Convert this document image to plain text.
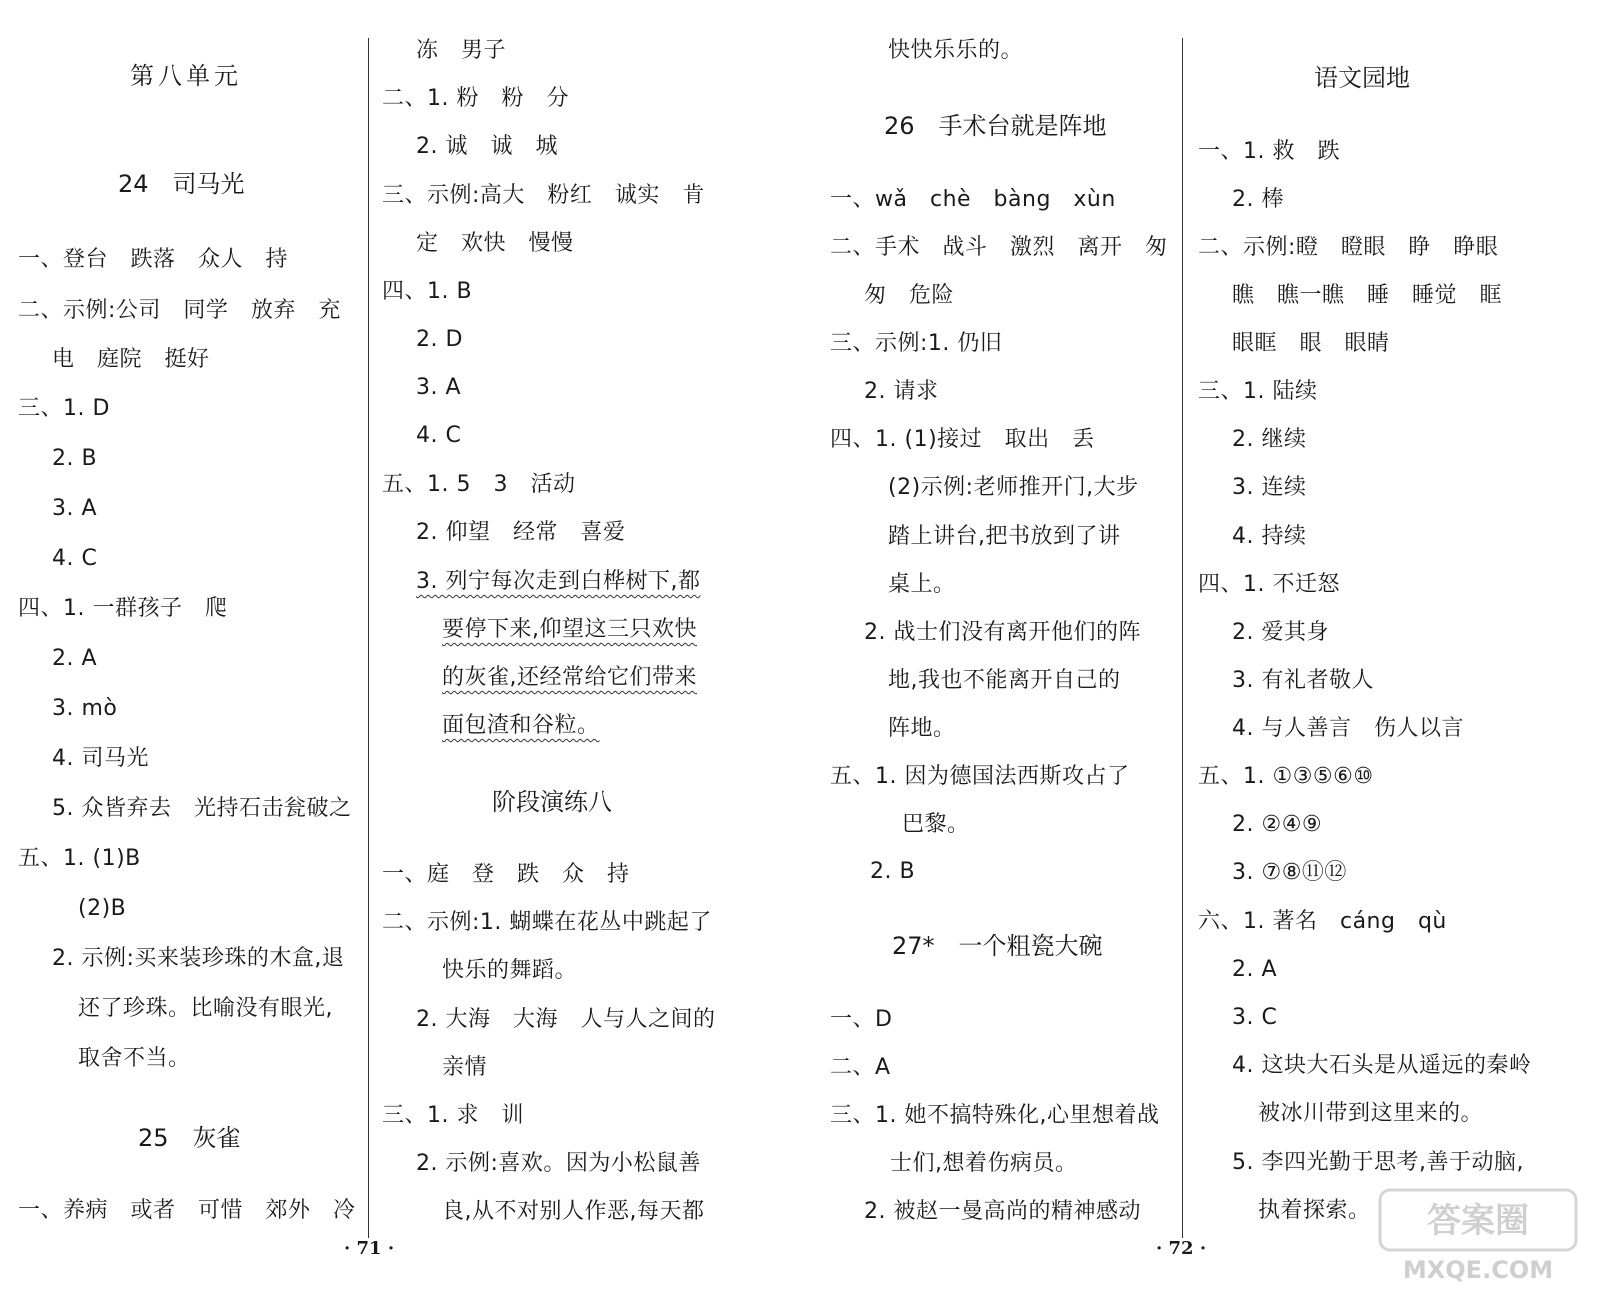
第八单元
24　司马光
一、登台　跌落　众人　持
二、示例:公司　同学　放弃　充
电　庭院　挺好
三、1. D
2. B
3. A
4. C
四、1. 一群孩子　爬
2. A
3. mò
4. 司马光
5. 众皆弃去　光持石击瓮破之
五、1. (1)B
(2)B
2. 示例:买来装珍珠的木盒,退
还了珍珠。比喻没有眼光,
取舍不当。
25　灰雀
一、养病　或者　可惜　郊外　冷
冻　男子
二、1. 粉　粉　分
2. 诚　诚　城
三、示例:高大　粉红　诚实　肯
定　欢快　慢慢
四、1. B
2. D
3. A
4. C
五、1. 5　3　活动
2. 仰望　经常　喜爱
3. 列宁每次走到白桦树下,都
要停下来,仰望这三只欢快
的灰雀,还经常给它们带来
面包渣和谷粒。
阶段演练八
一、庭　登　跌　众　持
二、示例:1. 蝴蝶在花丛中跳起了
快乐的舞蹈。
2. 大海　大海　人与人之间的
亲情
三、1. 求　训
2. 示例:喜欢。因为小松鼠善
良,从不对别人作恶,每天都
快快乐乐的。
26　手术台就是阵地
一、wǎ　chè　bàng　xùn
二、手术　战斗　激烈　离开　匆
匆　危险
三、示例:1. 仍旧
2. 请求
四、1. (1)接过　取出　丢
(2)示例:老师推开门,大步
踏上讲台,把书放到了讲
桌上。
2. 战士们没有离开他们的阵
地,我也不能离开自己的
阵地。
五、1. 因为德国法西斯攻占了
巴黎。
2. B
27*　一个粗瓷大碗
一、D
二、A
三、1. 她不搞特殊化,心里想着战
士们,想着伤病员。
2. 被赵一曼高尚的精神感动
语文园地
一、1. 救　跌
2. 棒
二、示例:瞪　瞪眼　睁　睁眼
瞧　瞧一瞧　睡　睡觉　眶
眼眶　眼　眼睛
三、1. 陆续
2. 继续
3. 连续
4. 持续
四、1. 不迁怒
2. 爱其身
3. 有礼者敬人
4. 与人善言　伤人以言
五、1. ①③⑤⑥⑩
2. ②④⑨
3. ⑦⑧⑪⑫
六、1. 著名　cáng　qù
2. A
3. C
4. 这块大石头是从遥远的秦岭
被冰川带到这里来的。
5. 李四光勤于思考,善于动脑,
执着探索。
· 71 ·	· 72 ·
答案圈
MXQE.COM
